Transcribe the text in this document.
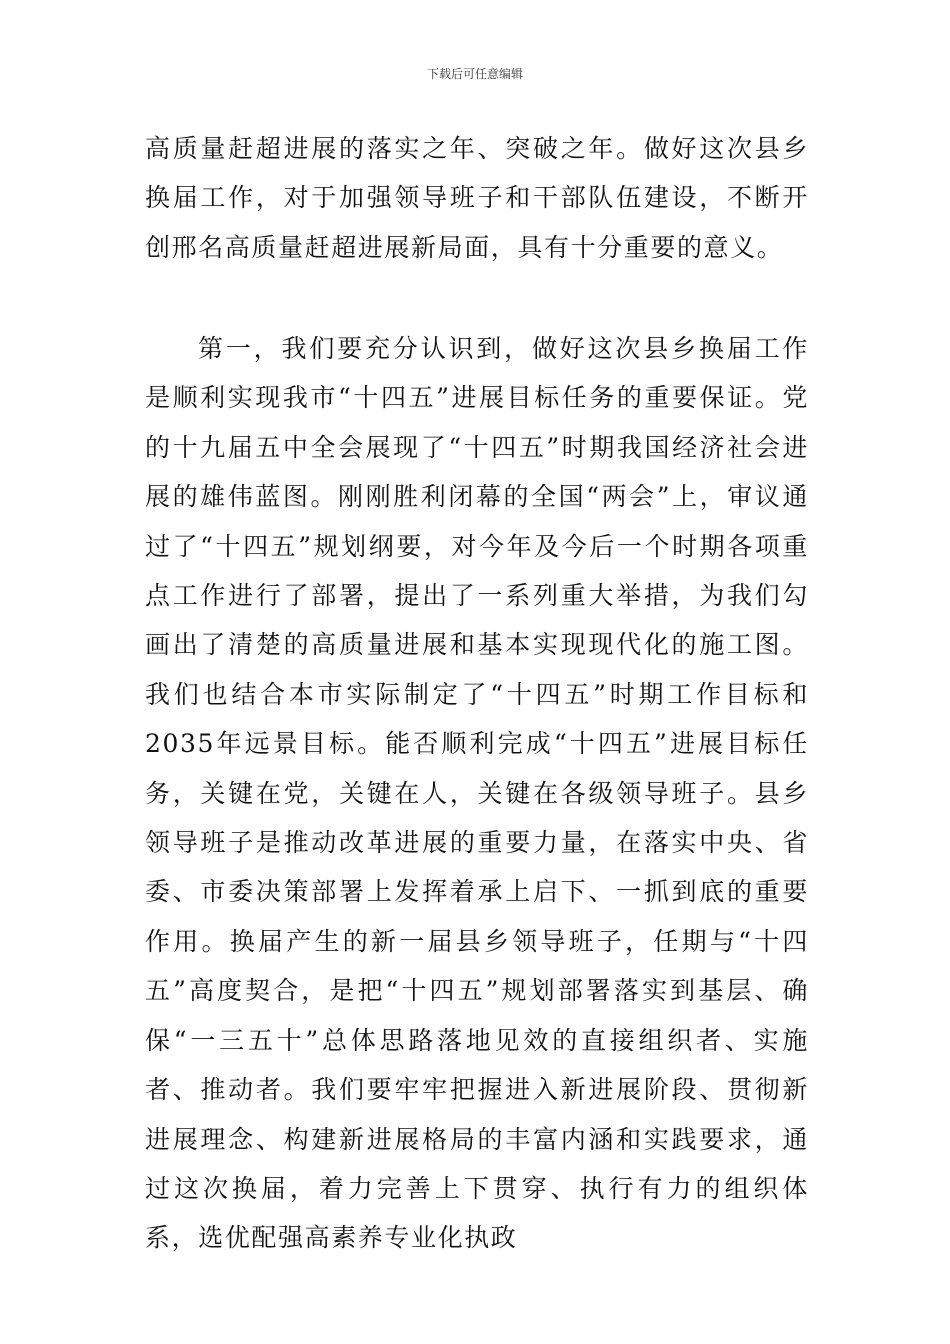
下载后可任意编辑

高质量赶超进展的落实之年、突破之年。做好这次县乡换届工作，对于加强领导班子和干部队伍建设，不断开创邢名高质量赶超进展新局面，具有十分重要的意义。

第一，我们要充分认识到，做好这次县乡换届工作是顺利实现我市“十四五”进展目标任务的重要保证。党的十九届五中全会展现了“十四五”时期我国经济社会进展的雄伟蓝图。刚刚胜利闭幕的全国“两会”上，审议通过了“十四五”规划纲要，对今年及今后一个时期各项重点工作进行了部署，提出了一系列重大举措，为我们勾画出了清楚的高质量进展和基本实现现代化的施工图。我们也结合本市实际制定了“十四五”时期工作目标和2035年远景目标。能否顺利完成“十四五”进展目标任务，关键在党，关键在人，关键在各级领导班子。县乡领导班子是推动改革进展的重要力量，在落实中央、省委、市委决策部署上发挥着承上启下、一抓到底的重要作用。换届产生的新一届县乡领导班子，任期与“十四五”高度契合，是把“十四五”规划部署落实到基层、确保“一三五十”总体思路落地见效的直接组织者、实施者、推动者。我们要牢牢把握进入新进展阶段、贯彻新进展理念、构建新进展格局的丰富内涵和实践要求，通过这次换届，着力完善上下贯穿、执行有力的组织体系，选优配强高素养专业化执政
